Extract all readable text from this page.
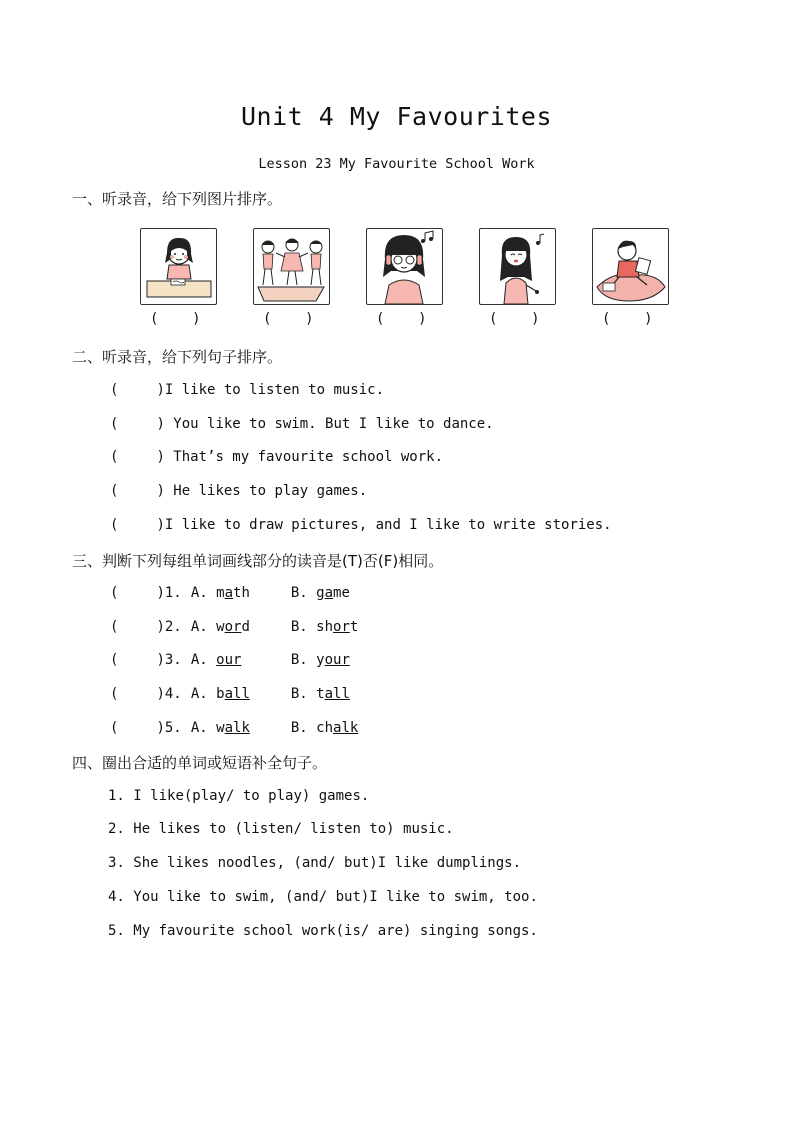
Unit 4 My Favourites
Lesson 23 My Favourite School Work
一、听录音，给下列图片排序。
(    )	(    )	(    )	(    )	(    )
二、听录音，给下列句子排序。
(	)I like to listen to music.
(	) You like to swim. But I like to dance.
(	) That’s my favourite school work.
(	) He likes to play games.
(	)I like to draw pictures, and I like to write stories.
三、判断下列每组单词画线部分的读音是(T)否(F)相同。
(	)1. A. math	B. game
(	)2. A. word	B. short
(	)3. A. our	B. your
(	)4. A. ball	B. tall
(	)5. A. walk	B. chalk
四、圈出合适的单词或短语补全句子。
1. I like(play/ to play) games.
2. He likes to (listen/ listen to) music.
3. She likes noodles, (and/ but)I like dumplings.
4. You like to swim, (and/ but)I like to swim, too.
5. My favourite school work(is/ are) singing songs.
